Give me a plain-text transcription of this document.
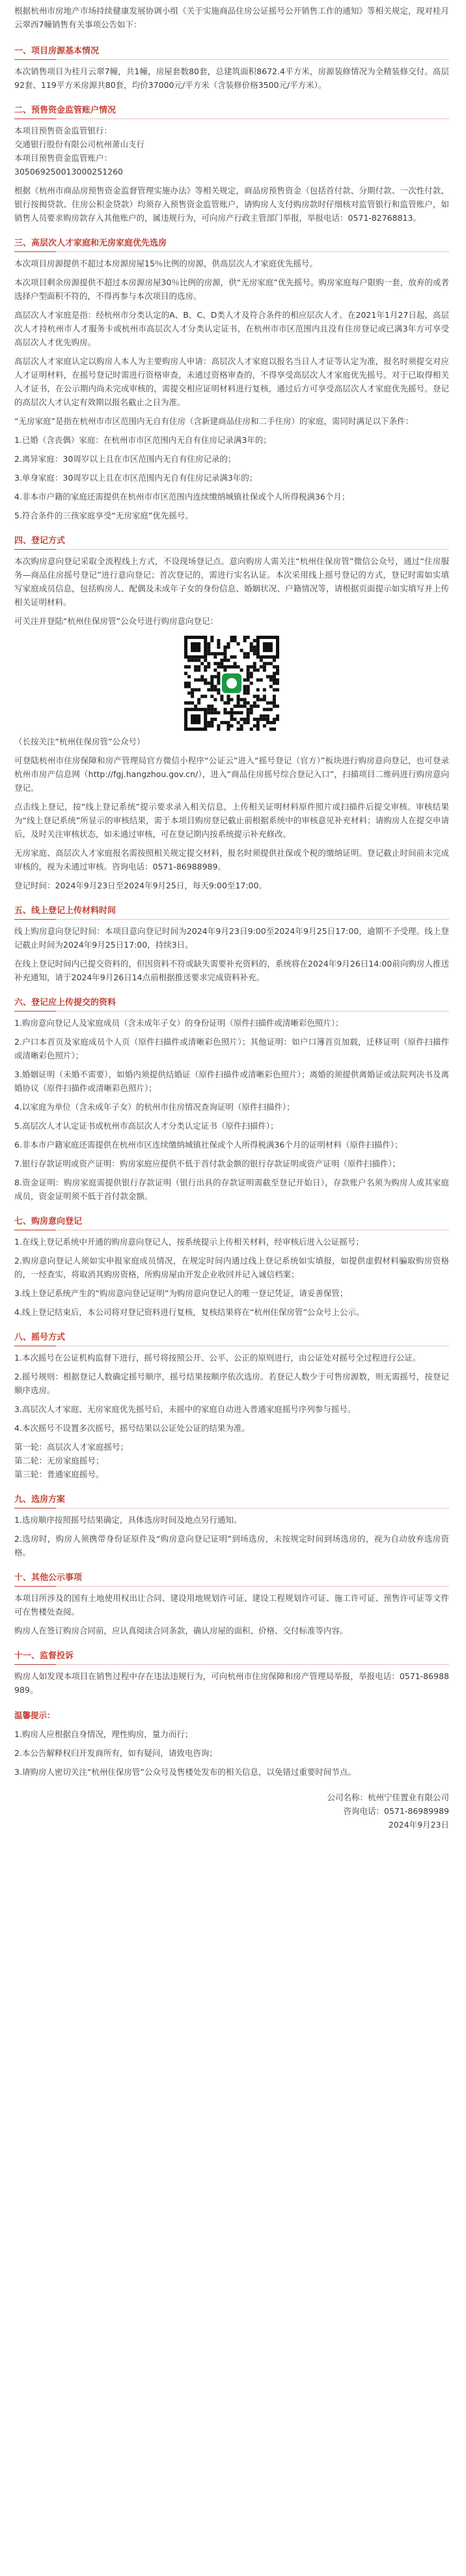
根据杭州市房地产市场持续健康发展协调小组《关于实施商品住房公证摇号公开销售工作的通知》等相关规定，现对桂月云翠西7幢销售有关事项公告如下：

一、项目房源基本情况

本次销售项目为桂月云翠7幢，共1幢，房屋套数80套，总建筑面积8672.4平方米，房源装修情况为全精装修交付。高层92套、119平方米房源共80套，均价37000元/平方米（含装修价格3500元/平方米）。

二、预售资金监管账户情况

本项目预售资金监管银行：

交通银行股份有限公司杭州萧山支行

本项目预售资金监管账户：

305069250013000251260

根据《杭州市商品房预售资金监督管理实施办法》等相关规定，商品房预售资金（包括首付款、分期付款、一次性付款、银行按揭贷款、住房公积金贷款）均须存入预售资金监管账户，请购房人支付购房款时仔细核对监管银行和监管账户，如销售人员要求购房款存入其他账户的，属违规行为，可向房产行政主管部门举报，举报电话：0571-82768813。

三、高层次人才家庭和无房家庭优先选房

本次项目房源提供不超过本房源房屋15％比例的房源，供高层次人才家庭优先摇号。

本次项目剩余房源提供不超过本房源房屋30％比例的房源，供“无房家庭”优先摇号。购房家庭每户限购一套，放弃的或者选择户型面积不符的，不得再参与本次项目的选房。

高层次人才家庭是指：经杭州市分类认定的A、B、C、D类人才及符合条件的相应层次人才。在2021年1月27日起，高层次人才持杭州市人才服务卡或杭州市高层次人才分类认定证书，在杭州市市区范围内且没有住房登记或已满3年方可享受高层次人才优先购房。

高层次人才家庭认定以购房人本人为主要购房人申请：高层次人才家庭以报名当日人才证等认定为准，报名时须提交对应人才证明材料，在摇号登记时需进行资格审查，未通过资格审查的，不得享受高层次人才家庭优先摇号。对于已取得相关人才证书，在公示期内尚未完成审核的，需提交相应证明材料进行复核，通过后方可享受高层次人才家庭优先摇号。登记的高层次人才认定有效期以报名截止之日为准。

“无房家庭”是指在杭州市市区范围内无自有住房（含新建商品住房和二手住房）的家庭，需同时满足以下条件：

1.已婚（含丧偶）家庭：在杭州市市区范围内无自有住房记录满3年的；

2.离异家庭：30周岁以上且在市区范围内无自有住房记录的；

3.单身家庭：30周岁以上且在市区范围内无自有住房记录满3年的；

4.非本市户籍的家庭还需提供在杭州市市区范围内连续缴纳城镇社保或个人所得税满36个月；

5.符合条件的三孩家庭享受“无房家庭”优先摇号。

四、登记方式

本次购房意向登记采取全流程线上方式，不设现场登记点。意向购房人需关注“杭州住保房管”微信公众号，通过“住房服务—商品住房摇号登记”进行意向登记；首次登记的，需进行实名认证。本次采用线上摇号登记的方式，登记时需如实填写家庭成员信息，包括购房人、配偶及未成年子女的身份信息、婚姻状况、户籍情况等，请根据页面提示如实填写并上传相关证明材料。

可关注并登陆“杭州住保房管”公众号进行购房意向登记：

（长按关注“杭州住保房管”公众号）

可登陆杭州市住房保障和房产管理局官方微信小程序“公证云”进入“摇号登记（官方）”板块进行购房意向登记，也可登录杭州市房产信息网（http://fgj.hangzhou.gov.cn/），进入“商品住房摇号综合登记入口”，扫描项目二维码进行购房意向登记。

点击线上登记，按“线上登记系统”提示要求录入相关信息，上传相关证明材料原件照片或扫描件后提交审核。审核结果为“线上登记系统”所显示的审核结果，需于本项目购房登记截止前根据系统中的审核意见补充材料；请购房人在提交申请后，及时关注审核状态，如未通过审核，可在登记期内按系统提示补充修改。

无房家庭、高层次人才家庭报名需按照相关规定提交材料，报名时须提供社保或个税的缴纳证明。登记截止时间前未完成审核的，视为未通过审核。咨询电话：0571-86988989。

登记时间：2024年9月23日至2024年9月25日，每天9:00至17:00。

五、线上登记上传材料时间

线上购房意向登记时间：本项目意向登记时间为2024年9月23日9:00至2024年9月25日17:00，逾期不予受理。线上登记截止时间为2024年9月25日17:00，持续3日。

在线上登记时间内已提交资料的，但因资料不符或缺失需要补充资料的，系统将在2024年9月26日14:00前向购房人推送补充通知，请于2024年9月26日14点前根据推送要求完成资料补充。

六、登记应上传提交的资料

1.购房意向登记人及家庭成员（含未成年子女）的身份证明（原件扫描件或清晰彩色照片）；

2.户口本首页及家庭成员个人页（原件扫描件或清晰彩色照片）；其他证明：如户口簿首页加载，迁移证明（原件扫描件或清晰彩色照片）；

3.婚姻证明（未婚不需要），如婚内须提供结婚证（原件扫描件或清晰彩色照片）；离婚的须提供离婚证或法院判决书及离婚协议（原件扫描件或清晰彩色照片）；

4.以家庭为单位（含未成年子女）的杭州市住房情况查询证明（原件扫描件）；

5.高层次人才认定证书或杭州市高层次人才分类认定证书（原件扫描件）；

6.非本市户籍家庭还需提供在杭州市区连续缴纳城镇社保或个人所得税满36个月的证明材料（原件扫描件）；

7.银行存款证明或资产证明：购房家庭应提供不低于首付款金额的银行存款证明或资产证明（原件扫描件）；

8.资金证明：购房家庭需提供银行存款证明（银行出具的存款证明需截至登记开始日），存款账户名须为购房人或其家庭成员，资金证明须不低于首付款金额。

七、购房意向登记

1.在线上登记系统中开通的购房意向登记人，按系统提示上传相关材料，经审核后进入公证摇号；

2.购房意向登记人须如实申报家庭成员情况，在规定时间内通过线上登记系统如实填报，如提供虚假材料骗取购房资格的，一经查实，将取消其购房资格，所购房屋由开发企业收回并记入诚信档案；

3.线上登记系统产生的“购房意向登记证明”为购房意向登记人的唯一登记凭证，请妥善保管；

4.线上登记结束后，本公司将对登记资料进行复核，复核结果将在“杭州住保房管”公众号上公示。

八、摇号方式

1.本次摇号在公证机构监督下进行，摇号将按照公开、公平、公正的原则进行，由公证处对摇号全过程进行公证。

2.摇号规则：根据登记人数确定摇号顺序，摇号结果按顺序依次选房。若登记人数少于可售房源数，则无需摇号，按登记顺序选房。

3.高层次人才家庭、无房家庭优先摇号后，未摇中的家庭自动进入普通家庭摇号序列参与摇号。

4.本次摇号不设置多次摇号，摇号结果以公证处公证的结果为准。

第一轮：高层次人才家庭摇号；

第二轮：无房家庭摇号；

第三轮：普通家庭摇号。

九、选房方案

1.选房顺序按照摇号结果确定，具体选房时间及地点另行通知。

2.选房时，购房人须携带身份证原件及“购房意向登记证明”到场选房，未按规定时间到场选房的，视为自动放弃选房资格。

十、其他公示事项

本项目所涉及的国有土地使用权出让合同、建设用地规划许可证、建设工程规划许可证、施工许可证、预售许可证等文件可在售楼处查阅。

购房人在签订购房合同前，应认真阅读合同条款，确认房屋的面积、价格、交付标准等内容。

十一、监督投诉

购房人如发现本项目在销售过程中存在违法违规行为，可向杭州市住房保障和房产管理局举报，举报电话：0571-86988989。

温馨提示：

1.购房人应根据自身情况，理性购房，量力而行；

2.本公告解释权归开发商所有，如有疑问，请致电咨询；

3.请购房人密切关注“杭州住保房管”公众号及售楼处发布的相关信息，以免错过重要时间节点。

公司名称：杭州宁佳置业有限公司

咨询电话：0571-86989989

2024年9月23日
